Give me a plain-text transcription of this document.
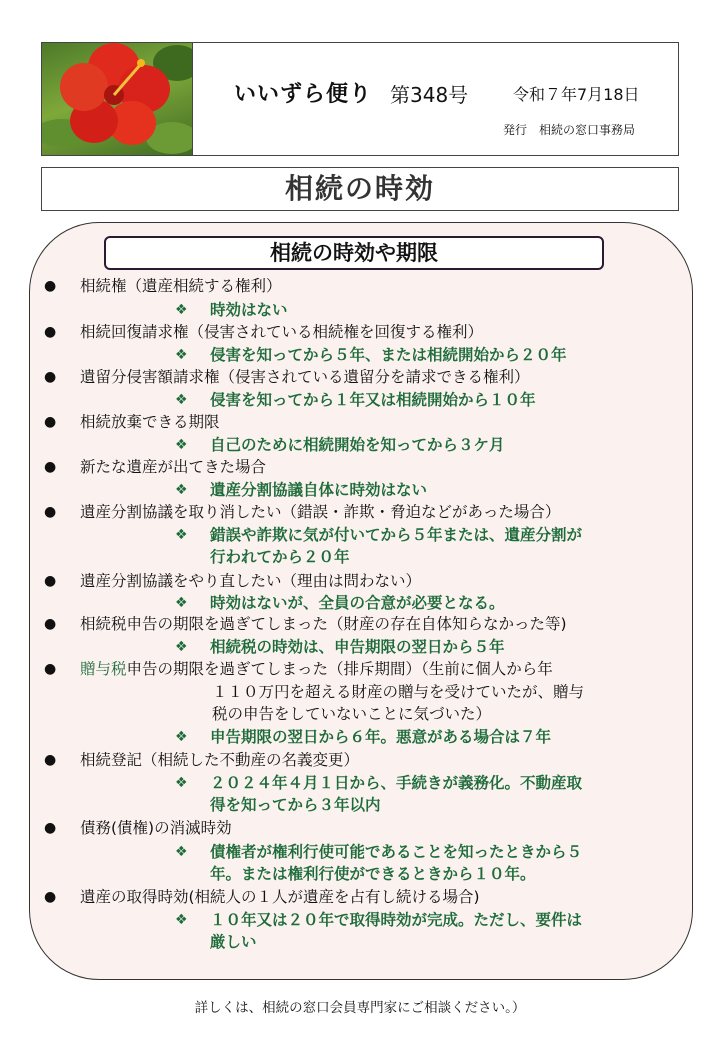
いいずら便り 第348号	令和７年7月18日
発行　相続の窓口事務局
相続の時効
相続の時効や期限
● 相続権（遺産相続する権利）
❖ 時効はない
● 相続回復請求権（侵害されている相続権を回復する権利）
❖ 侵害を知ってから５年、または相続開始から２０年
● 遺留分侵害額請求権（侵害されている遺留分を請求できる権利）
❖ 侵害を知ってから１年又は相続開始から１０年
● 相続放棄できる期限
❖ 自己のために相続開始を知ってから３ケ月
● 新たな遺産が出てきた場合
❖ 遺産分割協議自体に時効はない
● 遺産分割協議を取り消したい（錯誤・詐欺・脅迫などがあった場合）
❖ 錯誤や詐欺に気が付いてから５年または、遺産分割が
行われてから２０年
● 遺産分割協議をやり直したい（理由は問わない）
❖ 時効はないが、全員の合意が必要となる。
● 相続税申告の期限を過ぎてしまった（財産の存在自体知らなかった等)
❖ 相続税の時効は、申告期限の翌日から５年
● 贈与税申告の期限を過ぎてしまった（排斥期間）（生前に個人から年
１１０万円を超える財産の贈与を受けていたが、贈与
税の申告をしていないことに気づいた）
❖ 申告期限の翌日から６年。悪意がある場合は７年
● 相続登記（相続した不動産の名義変更）
❖ ２０２４年４月１日から、手続きが義務化。不動産取
得を知ってから３年以内
● 債務(債権)の消滅時効
❖ 債権者が権利行使可能であることを知ったときから５
年。または権利行使ができるときから１０年。
● 遺産の取得時効(相続人の１人が遺産を占有し続ける場合)
❖ １０年又は２０年で取得時効が完成。ただし、要件は
厳しい
詳しくは、相続の窓口会員専門家にご相談ください。）
